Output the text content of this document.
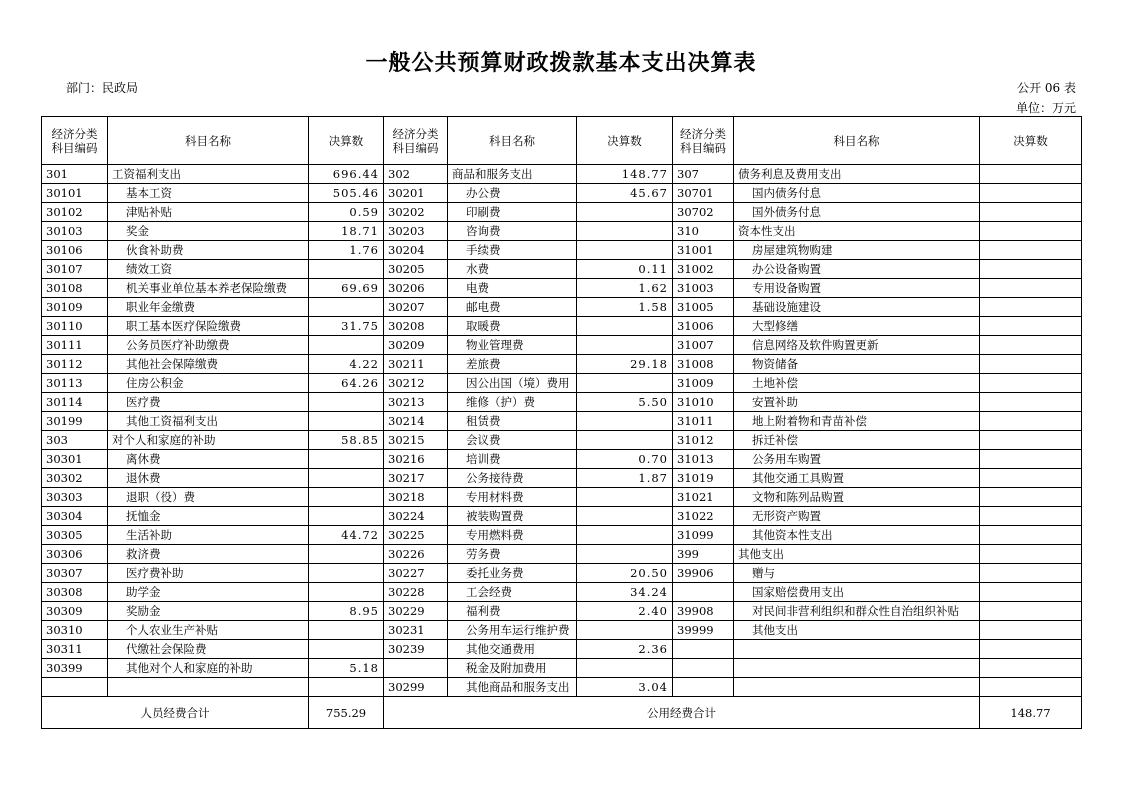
一般公共预算财政拨款基本支出决算表
部门：民政局	公开 06 表
单位：万元
经济分类科目编码	科目名称	决算数	经济分类科目编码	科目名称	决算数	经济分类科目编码	科目名称	决算数
301	工资福利支出	696.44	302	商品和服务支出	148.77	307	债务利息及费用支出	
30101	基本工资	505.46	30201	办公费	45.67	30701	国内债务付息	
30102	津贴补贴	0.59	30202	印刷费		30702	国外债务付息	
30103	奖金	18.71	30203	咨询费		310	资本性支出	
30106	伙食补助费	1.76	30204	手续费		31001	房屋建筑物购建	
30107	绩效工资		30205	水费	0.11	31002	办公设备购置	
30108	机关事业单位基本养老保险缴费	69.69	30206	电费	1.62	31003	专用设备购置	
30109	职业年金缴费		30207	邮电费	1.58	31005	基础设施建设	
30110	职工基本医疗保险缴费	31.75	30208	取暖费		31006	大型修缮	
30111	公务员医疗补助缴费		30209	物业管理费		31007	信息网络及软件购置更新	
30112	其他社会保障缴费	4.22	30211	差旅费	29.18	31008	物资储备	
30113	住房公积金	64.26	30212	因公出国（境）费用		31009	土地补偿	
30114	医疗费		30213	维修（护）费	5.50	31010	安置补助	
30199	其他工资福利支出		30214	租赁费		31011	地上附着物和青苗补偿	
303	对个人和家庭的补助	58.85	30215	会议费		31012	拆迁补偿	
30301	离休费		30216	培训费	0.70	31013	公务用车购置	
30302	退休费		30217	公务接待费	1.87	31019	其他交通工具购置	
30303	退职（役）费		30218	专用材料费		31021	文物和陈列品购置	
30304	抚恤金		30224	被装购置费		31022	无形资产购置	
30305	生活补助	44.72	30225	专用燃料费		31099	其他资本性支出	
30306	救济费		30226	劳务费		399	其他支出	
30307	医疗费补助		30227	委托业务费	20.50	39906	赠与	
30308	助学金		30228	工会经费	34.24		国家赔偿费用支出	
30309	奖励金	8.95	30229	福利费	2.40	39908	对民间非营利组织和群众性自治组织补贴	
30310	个人农业生产补贴		30231	公务用车运行维护费		39999	其他支出	
30311	代缴社会保险费		30239	其他交通费用	2.36			
30399	其他对个人和家庭的补助	5.18		税金及附加费用				
			30299	其他商品和服务支出	3.04			
人员经费合计		755.29	公用经费合计					148.77
